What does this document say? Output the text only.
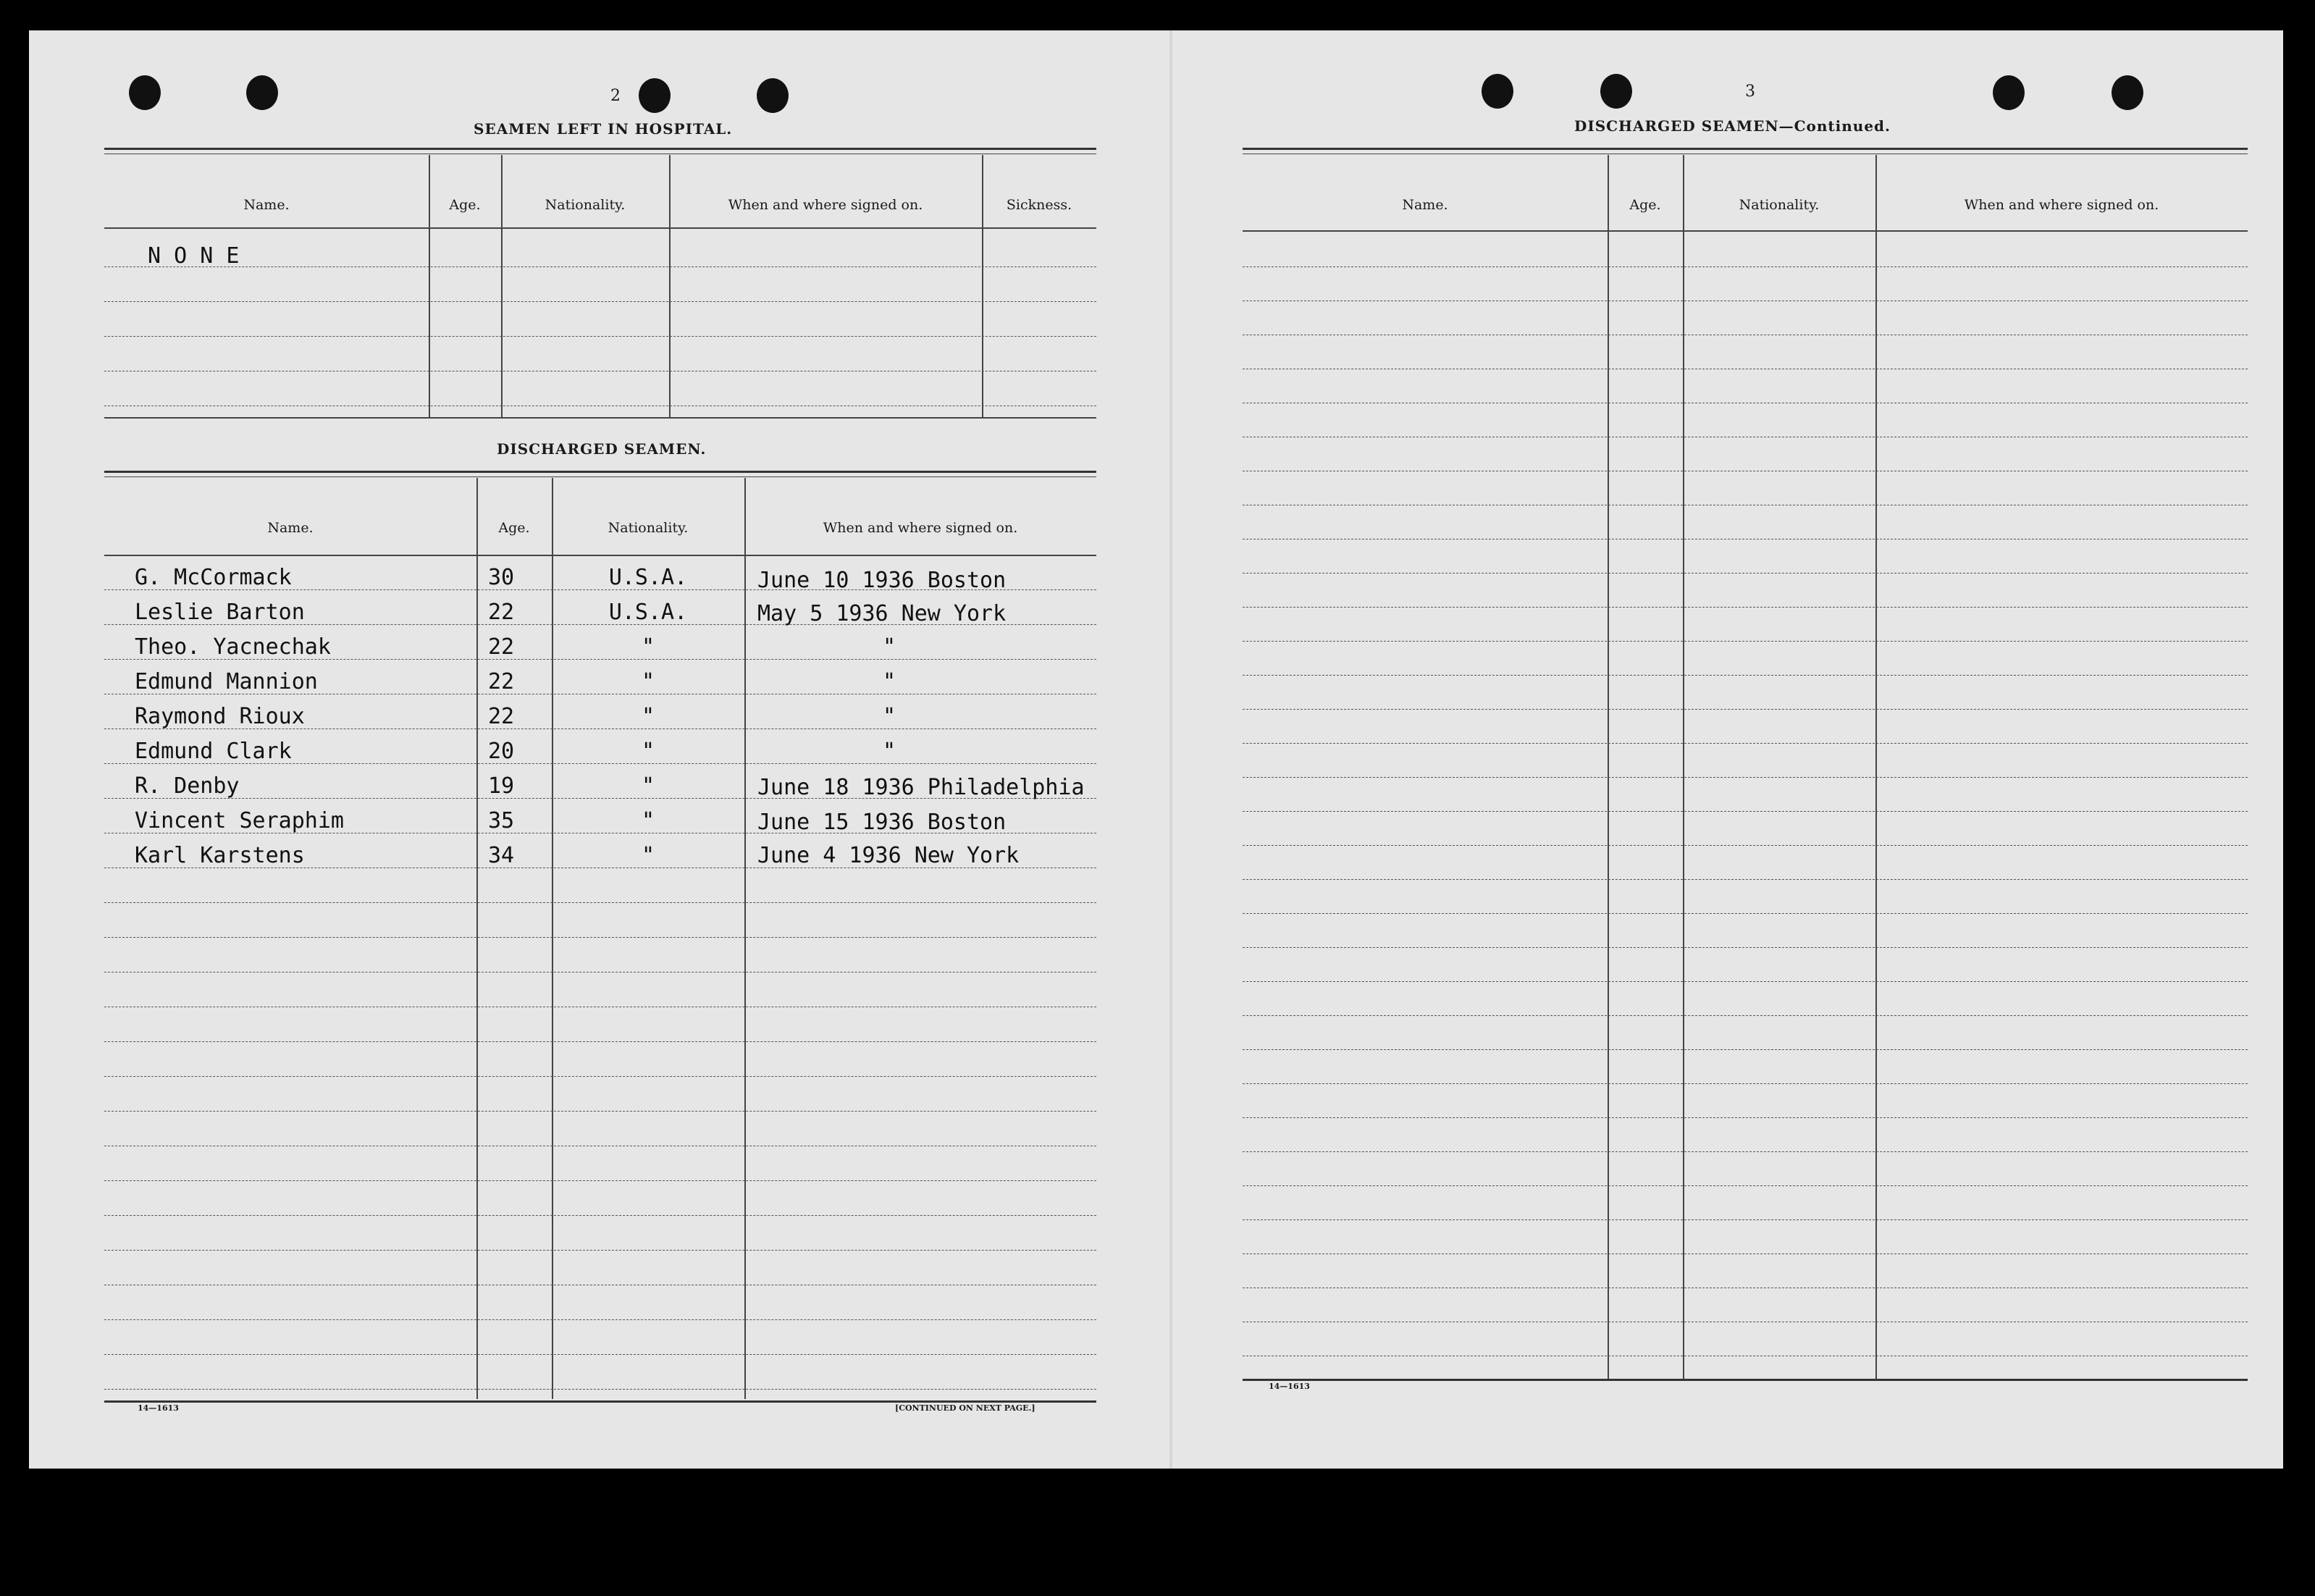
2
SEAMEN LEFT IN HOSPITAL.
Name.	Age.	Nationality.	When and where signed on.	Sickness.
N O N E
DISCHARGED SEAMEN.
Name.	Age.	Nationality.	When and where signed on.
G. McCormack	30	U.S.A.	June 10 1936 Boston
Leslie Barton	22	U.S.A.	May 5 1936 New York
Theo. Yacnechak	22	"	"
Edmund Mannion	22	"	"
Raymond Rioux	22	"	"
Edmund Clark	20	"	"
R. Denby	19	"	June 18 1936 Philadelphia
Vincent Seraphim	35	"	June 15 1936 Boston
Karl Karstens	34	"	June 4 1936 New York
14—1613	[CONTINUED ON NEXT PAGE.]
3
DISCHARGED SEAMEN—Continued.
Name.	Age.	Nationality.	When and where signed on.
14—1613
